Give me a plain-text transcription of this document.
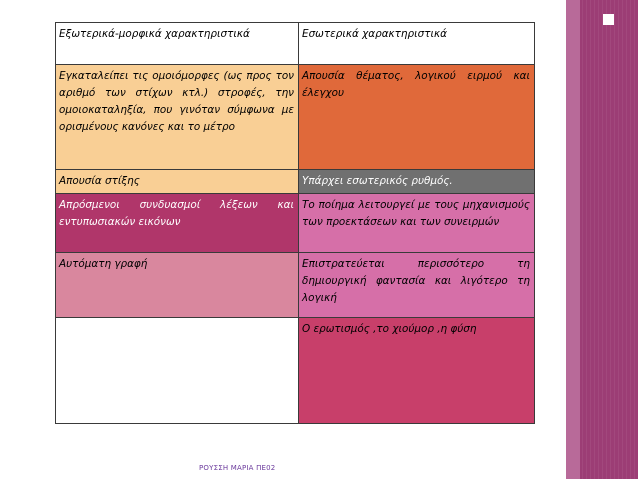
Εξωτερικά-μορφικά χαρακτηριστικά	Εσωτερικά χαρακτηριστικά
Εγκαταλείπει τις ομοιόμορφες (ως προς τον αριθμό των στίχων κτλ.) στροφές, την ομοιοκαταληξία, που γινόταν σύμφωνα με ορισμένους κανόνες και το μέτρο	Απουσία θέματος, λογικού ειρμού και έλεγχου
Απουσία στίξης	Υπάρχει εσωτερικός ρυθμός.
Απρόσμενοι συνδυασμοί λέξεων και εντυπωσιακών εικόνων	Το ποίημα λειτουργεί με τους μηχανισμούς των προεκτάσεων και των συνειρμών
Αυτόματη γραφή	Επιστρατεύεται περισσότερο τη δημιουργική φαντασία και λιγότερο τη λογική
	Ο ερωτισμός ,το χιούμορ ,η φύση
ΡΟΥΣΣΗ ΜΑΡΙΑ ΠΕ02
